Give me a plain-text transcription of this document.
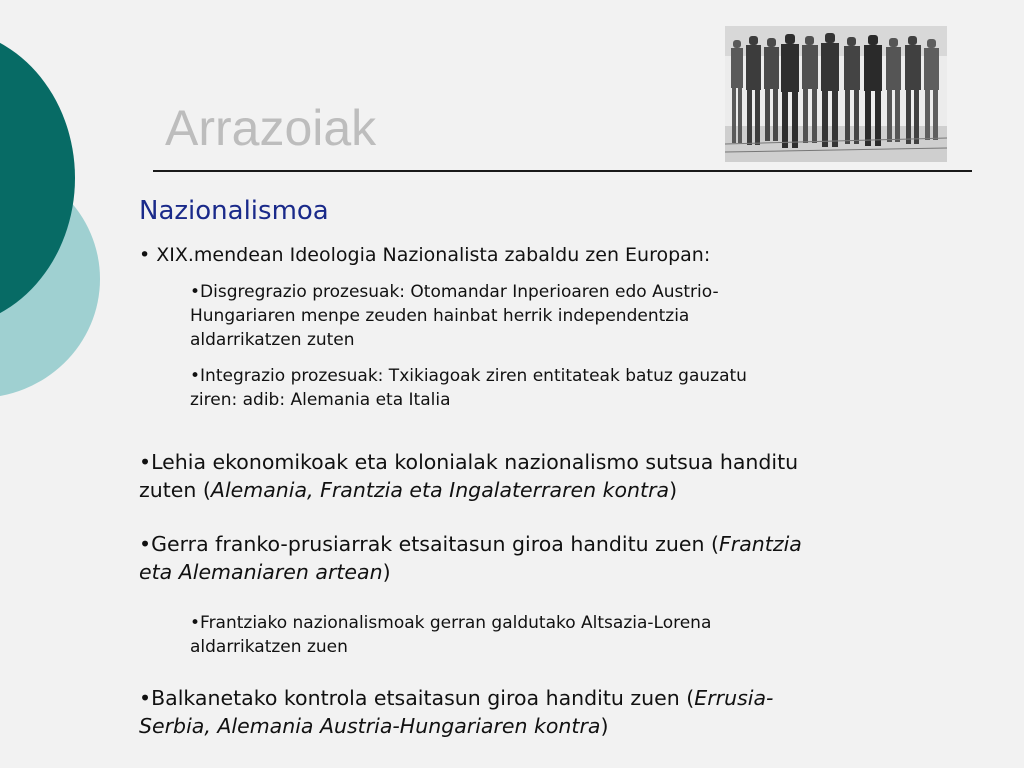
Arrazoiak
Nazionalismoa
• XIX.mendean Ideologia Nazionalista zabaldu zen Europan:
•Disgregrazio prozesuak: Otomandar Inperioaren edo Austrio-
Hungariaren menpe zeuden hainbat herrik independentzia
aldarrikatzen zuten
•Integrazio prozesuak: Txikiagoak ziren entitateak batuz gauzatu
ziren: adib: Alemania eta Italia
•Lehia ekonomikoak eta kolonialak nazionalismo sutsua handitu
zuten (Alemania, Frantzia eta Ingalaterraren kontra)
•Gerra franko-prusiarrak etsaitasun giroa handitu zuen (Frantzia
eta Alemaniaren artean)
•Frantziako nazionalismoak gerran galdutako Altsazia-Lorena
aldarrikatzen zuen
•Balkanetako kontrola etsaitasun giroa handitu zuen (Errusia-
Serbia, Alemania Austria-Hungariaren kontra)
